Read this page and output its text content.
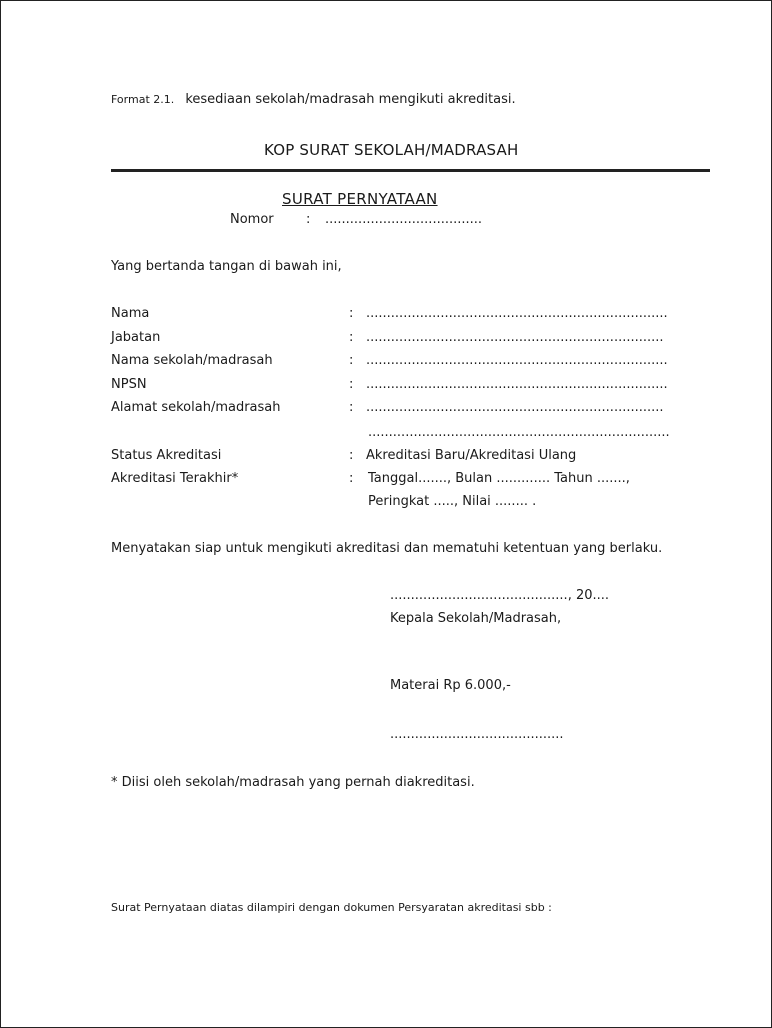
Format 2.1. kesediaan sekolah/madrasah mengikuti akreditasi.
KOP SURAT SEKOLAH/MADRASAH
SURAT PERNYATAAN
Nomor : ......................................
Yang bertanda tangan di bawah ini,
Nama	: .........................................................................
Jabatan	: ........................................................................
Nama sekolah/madrasah	: .........................................................................
NPSN	: .........................................................................
Alamat sekolah/madrasah	: ........................................................................
.........................................................................
Status Akreditasi	: Akreditasi Baru/Akreditasi Ulang
Akreditasi Terakhir*	: Tanggal......., Bulan ............. Tahun .......,
Peringkat ....., Nilai ........ .
Menyatakan siap untuk mengikuti akreditasi dan mematuhi ketentuan yang berlaku.
..........................................., 20....
Kepala Sekolah/Madrasah,
Materai Rp 6.000,-
..........................................
* Diisi oleh sekolah/madrasah yang pernah diakreditasi.
Surat Pernyataan diatas dilampiri dengan dokumen Persyaratan akreditasi sbb :
